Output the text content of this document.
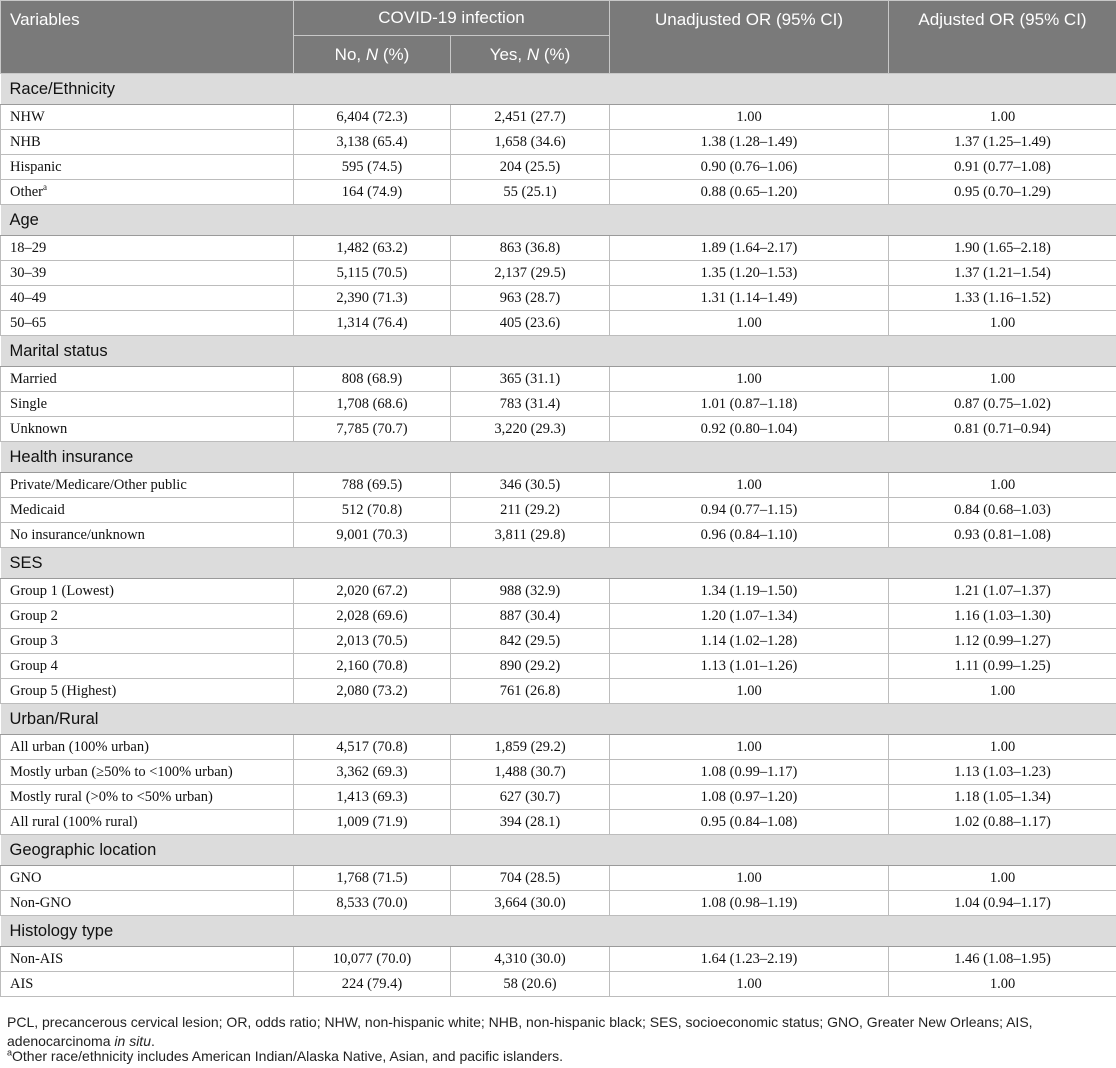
Variables	COVID-19 infection		Unadjusted OR (95% CI)	Adjusted OR (95% CI)
	No, N (%)	Yes, N (%)		
Race/Ethnicity				
NHW	6,404 (72.3)	2,451 (27.7)	1.00	1.00
NHB	3,138 (65.4)	1,658 (34.6)	1.38 (1.28–1.49)	1.37 (1.25–1.49)
Hispanic	595 (74.5)	204 (25.5)	0.90 (0.76–1.06)	0.91 (0.77–1.08)
Other$^a$	164 (74.9)	55 (25.1)	0.88 (0.65–1.20)	0.95 (0.70–1.29)
Age				
18–29	1,482 (63.2)	863 (36.8)	1.89 (1.64–2.17)	1.90 (1.65–2.18)
30–39	5,115 (70.5)	2,137 (29.5)	1.35 (1.20–1.53)	1.37 (1.21–1.54)
40–49	2,390 (71.3)	963 (28.7)	1.31 (1.14–1.49)	1.33 (1.16–1.52)
50–65	1,314 (76.4)	405 (23.6)	1.00	1.00
Marital status				
Married	808 (68.9)	365 (31.1)	1.00	1.00
Single	1,708 (68.6)	783 (31.4)	1.01 (0.87–1.18)	0.87 (0.75–1.02)
Unknown	7,785 (70.7)	3,220 (29.3)	0.92 (0.80–1.04)	0.81 (0.71–0.94)
Health insurance				
Private/Medicare/Other public	788 (69.5)	346 (30.5)	1.00	1.00
Medicaid	512 (70.8)	211 (29.2)	0.94 (0.77–1.15)	0.84 (0.68–1.03)
No insurance/unknown	9,001 (70.3)	3,811 (29.8)	0.96 (0.84–1.10)	0.93 (0.81–1.08)
SES				
Group 1 (Lowest)	2,020 (67.2)	988 (32.9)	1.34 (1.19–1.50)	1.21 (1.07–1.37)
Group 2	2,028 (69.6)	887 (30.4)	1.20 (1.07–1.34)	1.16 (1.03–1.30)
Group 3	2,013 (70.5)	842 (29.5)	1.14 (1.02–1.28)	1.12 (0.99–1.27)
Group 4	2,160 (70.8)	890 (29.2)	1.13 (1.01–1.26)	1.11 (0.99–1.25)
Group 5 (Highest)	2,080 (73.2)	761 (26.8)	1.00	1.00
Urban/Rural				
All urban (100% urban)	4,517 (70.8)	1,859 (29.2)	1.00	1.00
Mostly urban (≥50% to <100% urban)	3,362 (69.3)	1,488 (30.7)	1.08 (0.99–1.17)	1.13 (1.03–1.23)
Mostly rural (>0% to <50% urban)	1,413 (69.3)	627 (30.7)	1.08 (0.97–1.20)	1.18 (1.05–1.34)
All rural (100% rural)	1,009 (71.9)	394 (28.1)	0.95 (0.84–1.08)	1.02 (0.88–1.17)
Geographic location				
GNO	1,768 (71.5)	704 (28.5)	1.00	1.00
Non-GNO	8,533 (70.0)	3,664 (30.0)	1.08 (0.98–1.19)	1.04 (0.94–1.17)
Histology type				
Non-AIS	10,077 (70.0)	4,310 (30.0)	1.64 (1.23–2.19)	1.46 (1.08–1.95)
AIS	224 (79.4)	58 (20.6)	1.00	1.00
PCL, precancerous cervical lesion; OR, odds ratio; NHW, non-hispanic white; NHB, non-hispanic black; SES, socioeconomic status; GNO, Greater New Orleans; AIS, adenocarcinoma in situ.
$^a$Other race/ethnicity includes American Indian/Alaska Native, Asian, and pacific islanders.
